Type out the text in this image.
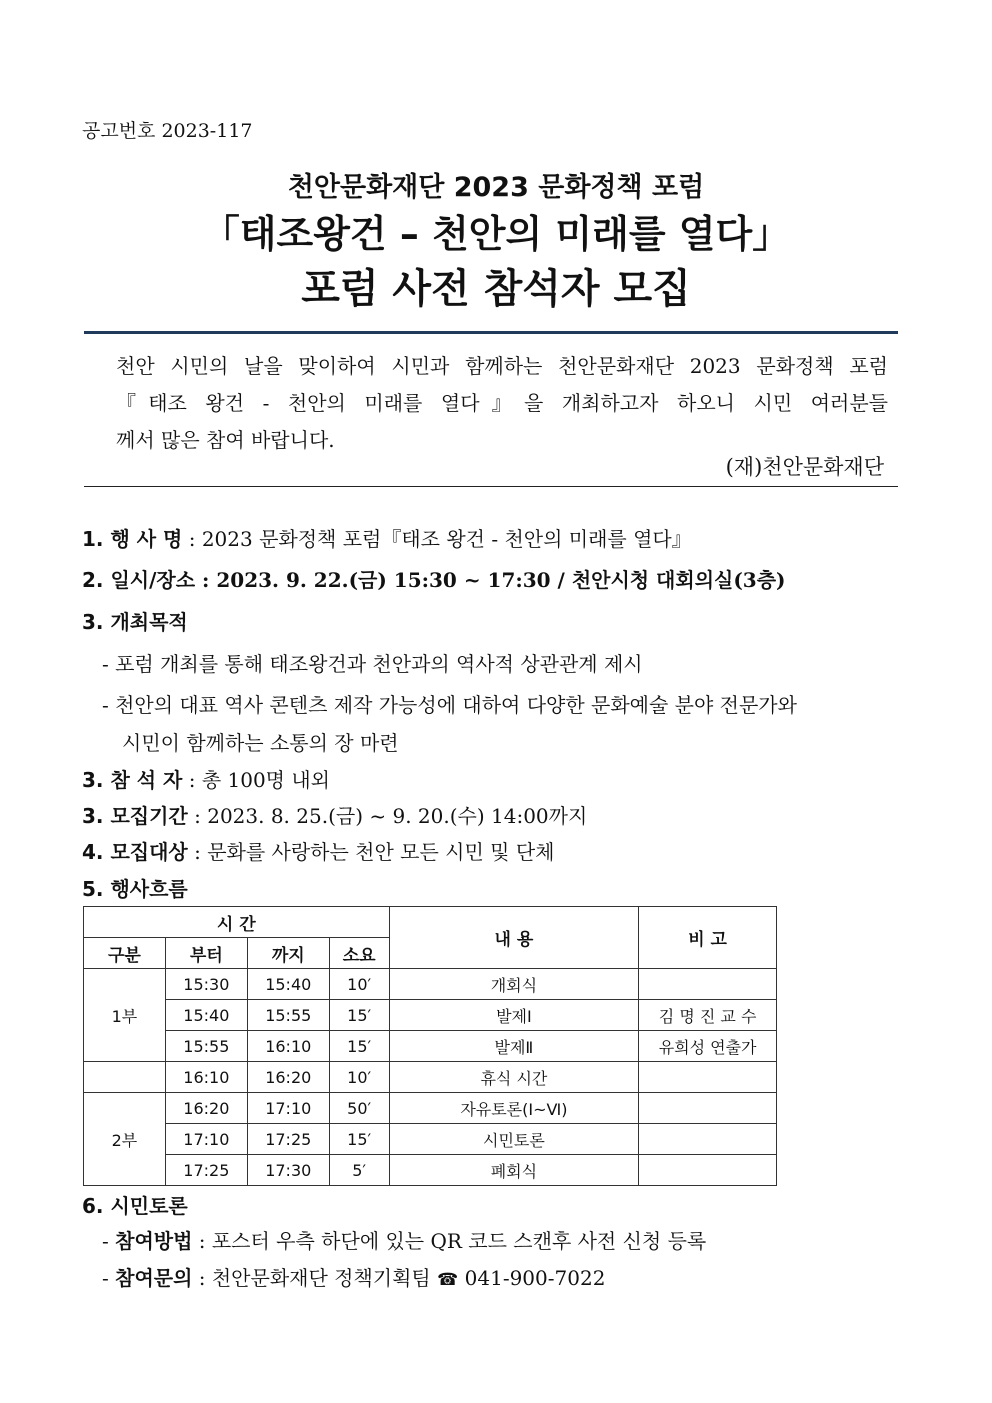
공고번호 2023-117
천안문화재단 2023 문화정책 포럼
「태조왕건 – 천안의 미래를 열다」
포럼 사전 참석자 모집
천안 시민의 날을 맞이하여 시민과 함께하는 천안문화재단 2023 문화정책 포럼
『태조 왕건 - 천안의 미래를 열다』을 개최하고자 하오니 시민 여러분들
께서 많은 참여 바랍니다.
(재)천안문화재단
1. 행 사 명 : 2023 문화정책 포럼『태조 왕건 - 천안의 미래를 열다』
2. 일시/장소 : 2023. 9. 22.(금) 15:30 ~ 17:30 / 천안시청 대회의실(3층)
3. 개최목적
- 포럼 개최를 통해 태조왕건과 천안과의 역사적 상관관계 제시
- 천안의 대표 역사 콘텐츠 제작 가능성에 대하여 다양한 문화예술 분야 전문가와
시민이 함께하는 소통의 장 마련
3. 참 석 자 : 총 100명 내외
3. 모집기간 : 2023. 8. 25.(금) ~ 9. 20.(수) 14:00까지
4. 모집대상 : 문화를 사랑하는 천안 모든 시민 및 단체
5. 행사흐름
시 간				내 용	비 고
구분	부터	까지	소요		
1부	15:30	15:40	10′	개회식	
	15:40	15:55	15′	발제Ⅰ	김 명 진 교 수
	15:55	16:10	15′	발제Ⅱ	유희성 연출가
	16:10	16:20	10′	휴식 시간	
2부	16:20	17:10	50′	자유토론(Ⅰ~Ⅵ)	
	17:10	17:25	15′	시민토론	
	17:25	17:30	5′	폐회식	
6. 시민토론
- 참여방법 : 포스터 우측 하단에 있는 QR 코드 스캔후 사전 신청 등록
- 참여문의 : 천안문화재단 정책기획팀 ☎ 041-900-7022
